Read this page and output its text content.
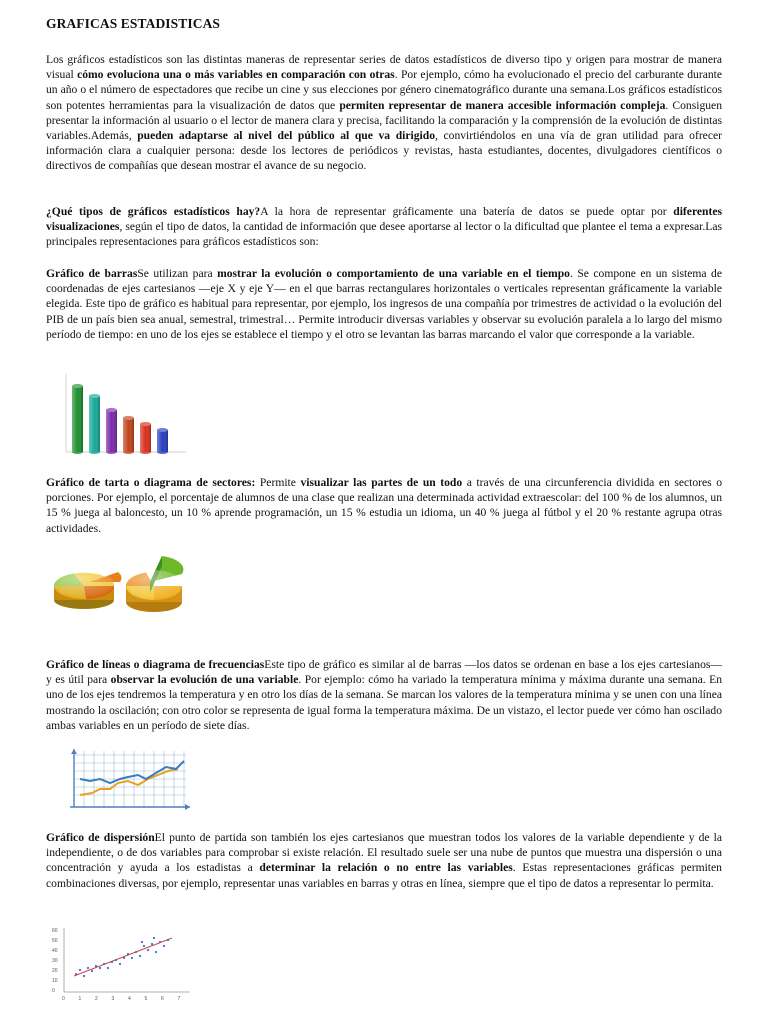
GRAFICAS ESTADISTICAS

Los gráficos estadísticos son las distintas maneras de representar series de datos estadísticos de diverso tipo y origen para mostrar de manera visual cómo evoluciona una o más variables en comparación con otras. Por ejemplo, cómo ha evolucionado el precio del carburante durante un año o el número de espectadores que recibe un cine y sus elecciones por género cinematográfico durante una semana.Los gráficos estadísticos son potentes herramientas para la visualización de datos que permiten representar de manera accesible información compleja. Consiguen presentar la información al usuario o el lector de manera clara y precisa, facilitando la comparación y la comprensión de la evolución de distintas variables.Además, pueden adaptarse al nivel del público al que va dirigido, convirtiéndolos en una vía de gran utilidad para ofrecer información clara a cualquier persona: desde los lectores de periódicos y revistas, hasta estudiantes, docentes, divulgadores científicos o directivos de compañías que desean mostrar el avance de su negocio.

¿Qué tipos de gráficos estadísticos hay?A la hora de representar gráficamente una batería de datos se puede optar por diferentes visualizaciones, según el tipo de datos, la cantidad de información que desee aportarse al lector o la dificultad que plantee el tema a expresar.Las principales representaciones para gráficos estadísticos son:

Gráfico de barrasSe utilizan para mostrar la evolución o comportamiento de una variable en el tiempo. Se compone en un sistema de coordenadas de ejes cartesianos —eje X y eje Y— en el que barras rectangulares horizontales o verticales representan gráficamente la variable elegida. Este tipo de gráfico es habitual para representar, por ejemplo, los ingresos de una compañía por trimestres de actividad o la evolución del PIB de un país bien sea anual, semestral, trimestral… Permite introducir diversas variables y observar su evolución paralela a lo largo del mismo período de tiempo: en uno de los ejes se establece el tiempo y el otro se levantan las barras marcando el valor que corresponde a la variable.

Gráfico de tarta o diagrama de sectores: Permite visualizar las partes de un todo a través de una circunferencia dividida en sectores o porciones. Por ejemplo, el porcentaje de alumnos de una clase que realizan una determinada actividad extraescolar: del 100 % de los alumnos, un 15 % juega al baloncesto, un 10 % aprende programación, un 15 % estudia un idioma, un 40 % juega al fútbol y el 20 % restante agrupa otras actividades.

Gráfico de líneas o diagrama de frecuenciasEste tipo de gráfico es similar al de barras —los datos se ordenan en base a los ejes cartesianos— y es útil para observar la evolución de una variable. Por ejemplo: cómo ha variado la temperatura mínima y máxima durante una semana. En uno de los ejes tendremos la temperatura y en otro los días de la semana. Se marcan los valores de la temperatura mínima y se unen con una línea mostrando la oscilación; con otro color se representa de igual forma la temperatura máxima. De un vistazo, el lector puede ver cómo han oscilado ambas variables en un período de siete días.

Gráfico de dispersiónEl punto de partida son también los ejes cartesianos que muestran todos los valores de la variable dependiente y de la independiente, o de dos variables para comprobar si existe relación. El resultado suele ser una nube de puntos que muestra una dispersión o una concentración y ayuda a los estadistas a determinar la relación o no entre las variables. Estas representaciones gráficas permiten combinaciones diversas, por ejemplo, representar unas variables en barras y otras en línea, siempre que el tipo de datos a representar lo permita.

60
50
40
30
20
10
0
0	1	2	3	4	5	6	7
